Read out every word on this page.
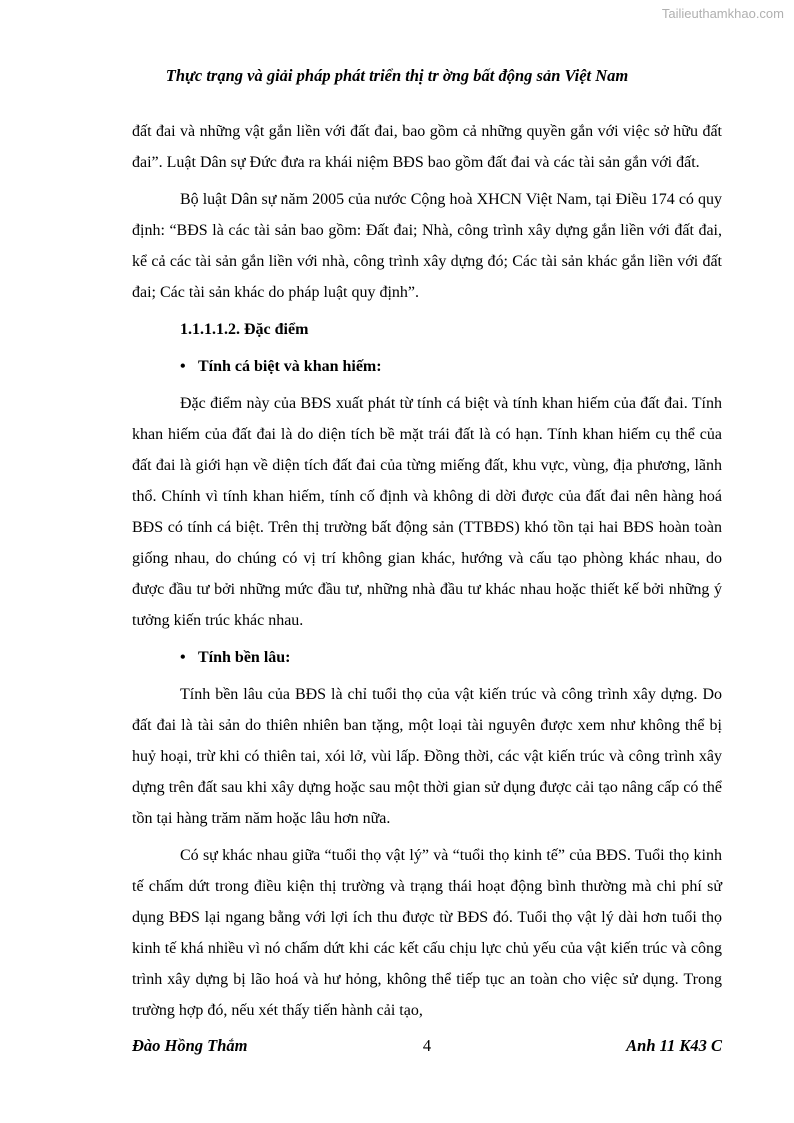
Tailieuthamkhao.com
Thực trạng và giải pháp phát triển thị tr ờng bất động sản Việt Nam

đất đai và những vật gắn liền với đất đai, bao gồm cả những quyền gắn với việc sở hữu đất đai”. Luật Dân sự Đức đưa ra khái niệm BĐS bao gồm đất đai và các tài sản gắn với đất.

Bộ luật Dân sự năm 2005 của nước Cộng hoà XHCN Việt Nam, tại Điều 174 có quy định: “BĐS là các tài sản bao gồm: Đất đai; Nhà, công trình xây dựng gắn liền với đất đai, kể cả các tài sản gắn liền với nhà, công trình xây dựng đó; Các tài sản khác gắn liền với đất đai; Các tài sản khác do pháp luật quy định”.

1.1.1.1.2. Đặc điểm
• Tính cá biệt và khan hiếm:

Đặc điểm này của BĐS xuất phát từ tính cá biệt và tính khan hiếm của đất đai. Tính khan hiếm của đất đai là do diện tích bề mặt trái đất là có hạn. Tính khan hiếm cụ thể của đất đai là giới hạn về diện tích đất đai của từng miếng đất, khu vực, vùng, địa phương, lãnh thổ. Chính vì tính khan hiếm, tính cố định và không di dời được của đất đai nên hàng hoá BĐS có tính cá biệt. Trên thị trường bất động sản (TTBĐS) khó tồn tại hai BĐS hoàn toàn giống nhau, do chúng có vị trí không gian khác, hướng và cấu tạo phòng khác nhau, do được đầu tư bởi những mức đầu tư, những nhà đầu tư khác nhau hoặc thiết kế bởi những ý tưởng kiến trúc khác nhau.

• Tính bền lâu:

Tính bền lâu của BĐS là chỉ tuổi thọ của vật kiến trúc và công trình xây dựng. Do đất đai là tài sản do thiên nhiên ban tặng, một loại tài nguyên được xem như không thể bị huỷ hoại, trừ khi có thiên tai, xói lở, vùi lấp. Đồng thời, các vật kiến trúc và công trình xây dựng trên đất sau khi xây dựng hoặc sau một thời gian sử dụng được cải tạo nâng cấp có thể tồn tại hàng trăm năm hoặc lâu hơn nữa.

Có sự khác nhau giữa “tuổi thọ vật lý” và “tuổi thọ kinh tế” của BĐS. Tuổi thọ kinh tế chấm dứt trong điều kiện thị trường và trạng thái hoạt động bình thường mà chi phí sử dụng BĐS lại ngang bằng với lợi ích thu được từ BĐS đó. Tuổi thọ vật lý dài hơn tuổi thọ kinh tế khá nhiều vì nó chấm dứt khi các kết cấu chịu lực chủ yếu của vật kiến trúc và công trình xây dựng bị lão hoá và hư hỏng, không thể tiếp tục an toàn cho việc sử dụng. Trong trường hợp đó, nếu xét thấy tiến hành cải tạo,

Đào Hồng Thắm	4	Anh 11 K43 C
